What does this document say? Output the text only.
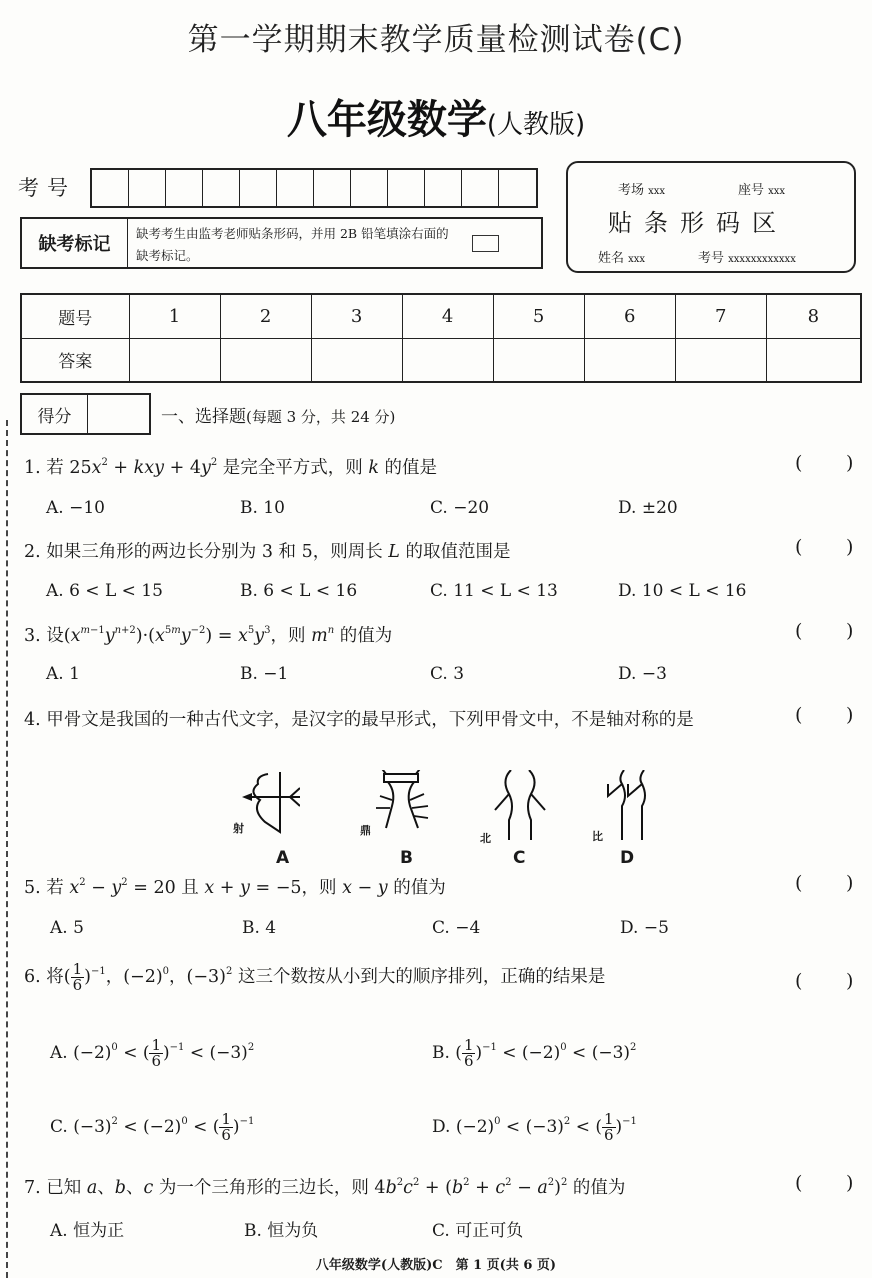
第一学期期末教学质量检测试卷(C)
八年级数学(人教版)
考号
缺考标记
缺考考生由监考老师贴条形码，并用 2B 铅笔填涂右面的缺考标记。
考场 xxx	座号 xxx
贴条形码区
姓名 xxx	考号 xxxxxxxxxxxx
题号	1	2	3	4	5	6	7	8
答案								
得分	一、选择题(每题 3 分，共 24 分)
1. 若 $25x^2$ + kxy + $4y^2$ 是完全平方式，则 k 的值是	( )
A. −10	B. 10	C. −20	D. ±20
2. 如果三角形的两边长分别为 3 和 5，则周长 L 的取值范围是	( )
A. 6 < L < 15	B. 6 < L < 16	C. 11 < L < 13	D. 10 < L < 16
3. 设$(x^{m-1}y^{n+2})\cdot(x^{5m}y^{-2}) = x^5y^3$，则 $m^n$ 的值为	( )
A. 1	B. −1	C. 3	D. −3
4. 甲骨文是我国的一种古代文字，是汉字的最早形式，下列甲骨文中，不是轴对称的是	( )
射
A
鼎
B
北
C
比
D
5. 若 $x^2 - y^2 = 20$ 且 x + y = −5，则 x − y 的值为	( )
A. 5	B. 4	C. −4	D. −5
6. 将( $\frac{1}{6} )^{-1}$，$(-2)^0$，$(-3)^2$ 这三个数按从小到大的顺序排列，正确的结果是	( )
A. $(-2)^0$ < ( $\frac{1}{6} )^{-1} < (-3)^2$	B. ( $\frac{1}{6} )^{-1} < (-2)^0 < (-3)^2$
C. $(-3)^2 < (-2)^0$ < ( $\frac{1}{6} )^{-1}$	D. $(-2)^0 < (-3)^2$ < ( $\frac{1}{6} )^{-1}$
7. 已知 a、b、c 为一个三角形的三边长，则 $4b^2c^2 + (b^2 + c^2 - a^2)^2$ 的值为	( )
A. 恒为正	B. 恒为负	C. 可正可负
八年级数学(人教版)C　第 1 页(共 6 页)
